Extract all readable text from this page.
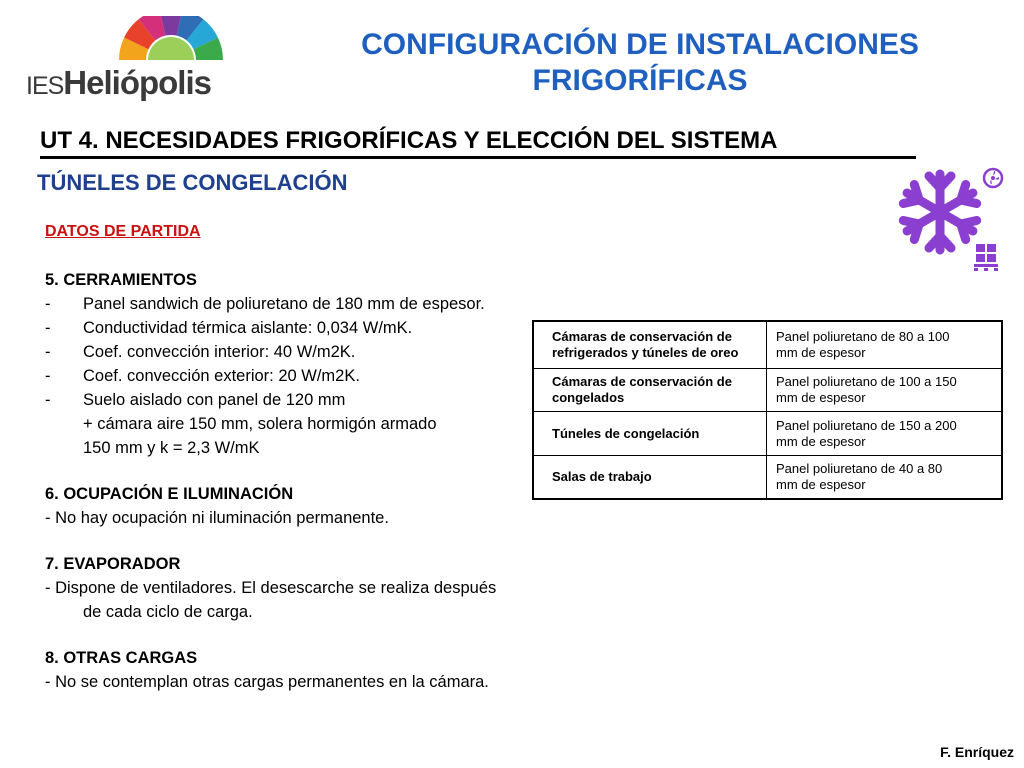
IESHeliópolis
CONFIGURACIÓN DE INSTALACIONES
FRIGORÍFICAS
UT 4. NECESIDADES FRIGORÍFICAS Y ELECCIÓN DEL SISTEMA
TÚNELES DE CONGELACIÓN
DATOS DE PARTIDA
5. CERRAMIENTOS
- Panel sandwich de poliuretano de 180 mm de espesor.
- Conductividad térmica aislante: 0,034 W/mK.
- Coef. convección interior: 40 W/m2K.
- Coef. convección exterior: 20 W/m2K.
- Suelo aislado con panel de 120 mm
+ cámara aire 150 mm, solera hormigón armado
150 mm y k = 2,3 W/mK
6. OCUPACIÓN E ILUMINACIÓN
- No hay ocupación ni iluminación permanente.
7. EVAPORADOR
- Dispone de ventiladores. El desescarche se realiza después
de cada ciclo de carga.
8. OTRAS CARGAS
- No se contemplan otras cargas permanentes en la cámara.
Cámaras de conservación de
refrigerados y túneles de oreo	Panel poliuretano de 80 a 100
mm de espesor
Cámaras de conservación de
congelados	Panel poliuretano de 100 a 150
mm de espesor
Túneles de congelación	Panel poliuretano de 150 a 200
mm de espesor
Salas de trabajo	Panel poliuretano de 40 a 80
mm de espesor
F. Enríquez
